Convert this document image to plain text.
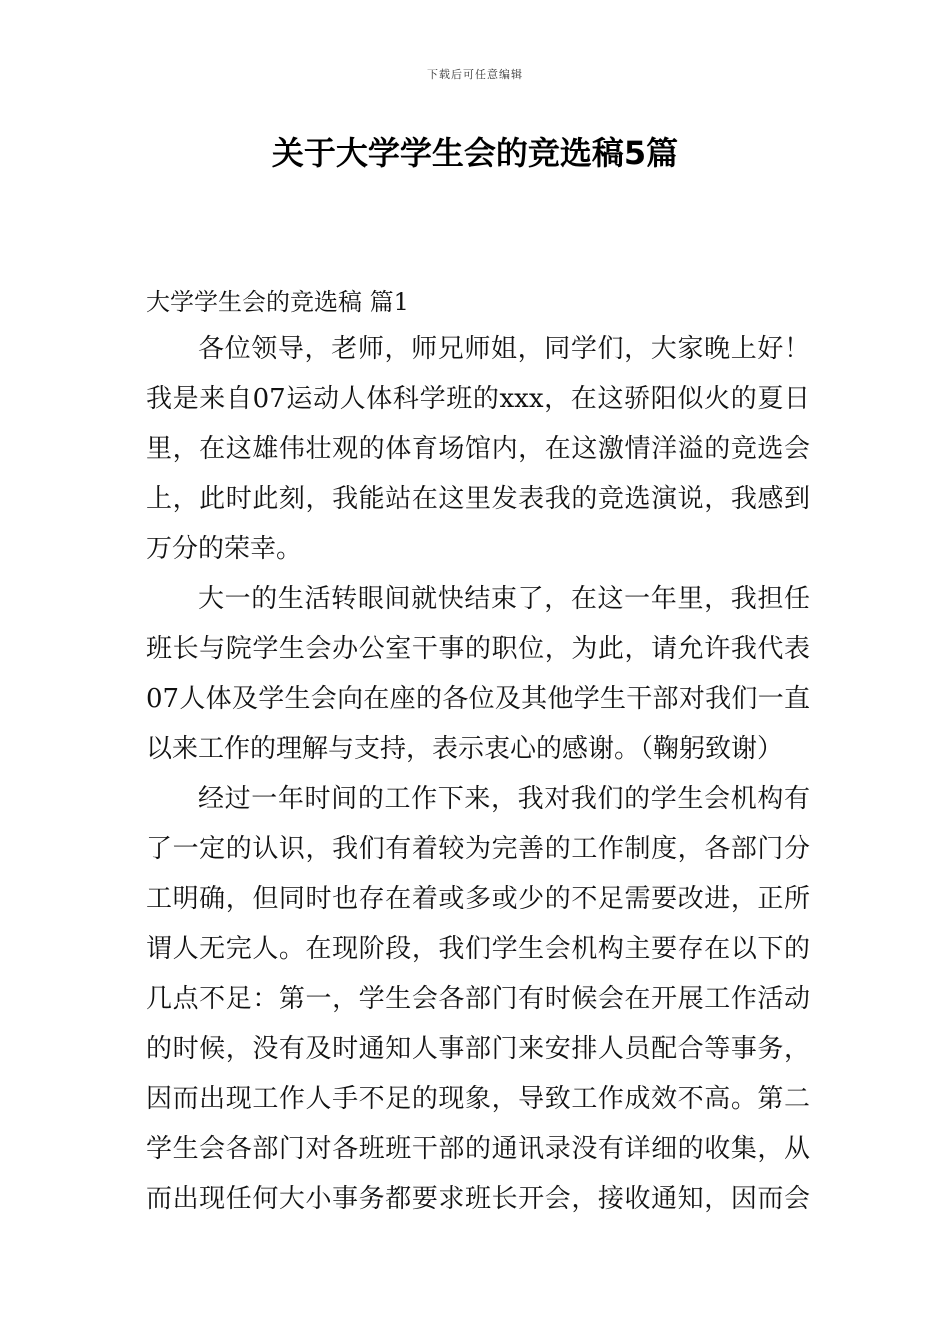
下载后可任意编辑
关于大学学生会的竞选稿5篇
大学学生会的竞选稿 篇1
各位领导，老师，师兄师姐，同学们，大家晚上好！
我是来自07运动人体科学班的xxx，在这骄阳似火的夏日
里，在这雄伟壮观的体育场馆内，在这激情洋溢的竞选会
上，此时此刻，我能站在这里发表我的竞选演说，我感到
万分的荣幸。
大一的生活转眼间就快结束了，在这一年里，我担任
班长与院学生会办公室干事的职位，为此，请允许我代表
07人体及学生会向在座的各位及其他学生干部对我们一直
以来工作的理解与支持，表示衷心的感谢。（鞠躬致谢）
经过一年时间的工作下来，我对我们的学生会机构有
了一定的认识，我们有着较为完善的工作制度，各部门分
工明确，但同时也存在着或多或少的不足需要改进，正所
谓人无完人。在现阶段，我们学生会机构主要存在以下的
几点不足：第一，学生会各部门有时候会在开展工作活动
的时候，没有及时通知人事部门来安排人员配合等事务，
因而出现工作人手不足的现象，导致工作成效不高。第二
学生会各部门对各班班干部的通讯录没有详细的收集，从
而出现任何大小事务都要求班长开会，接收通知，因而会
